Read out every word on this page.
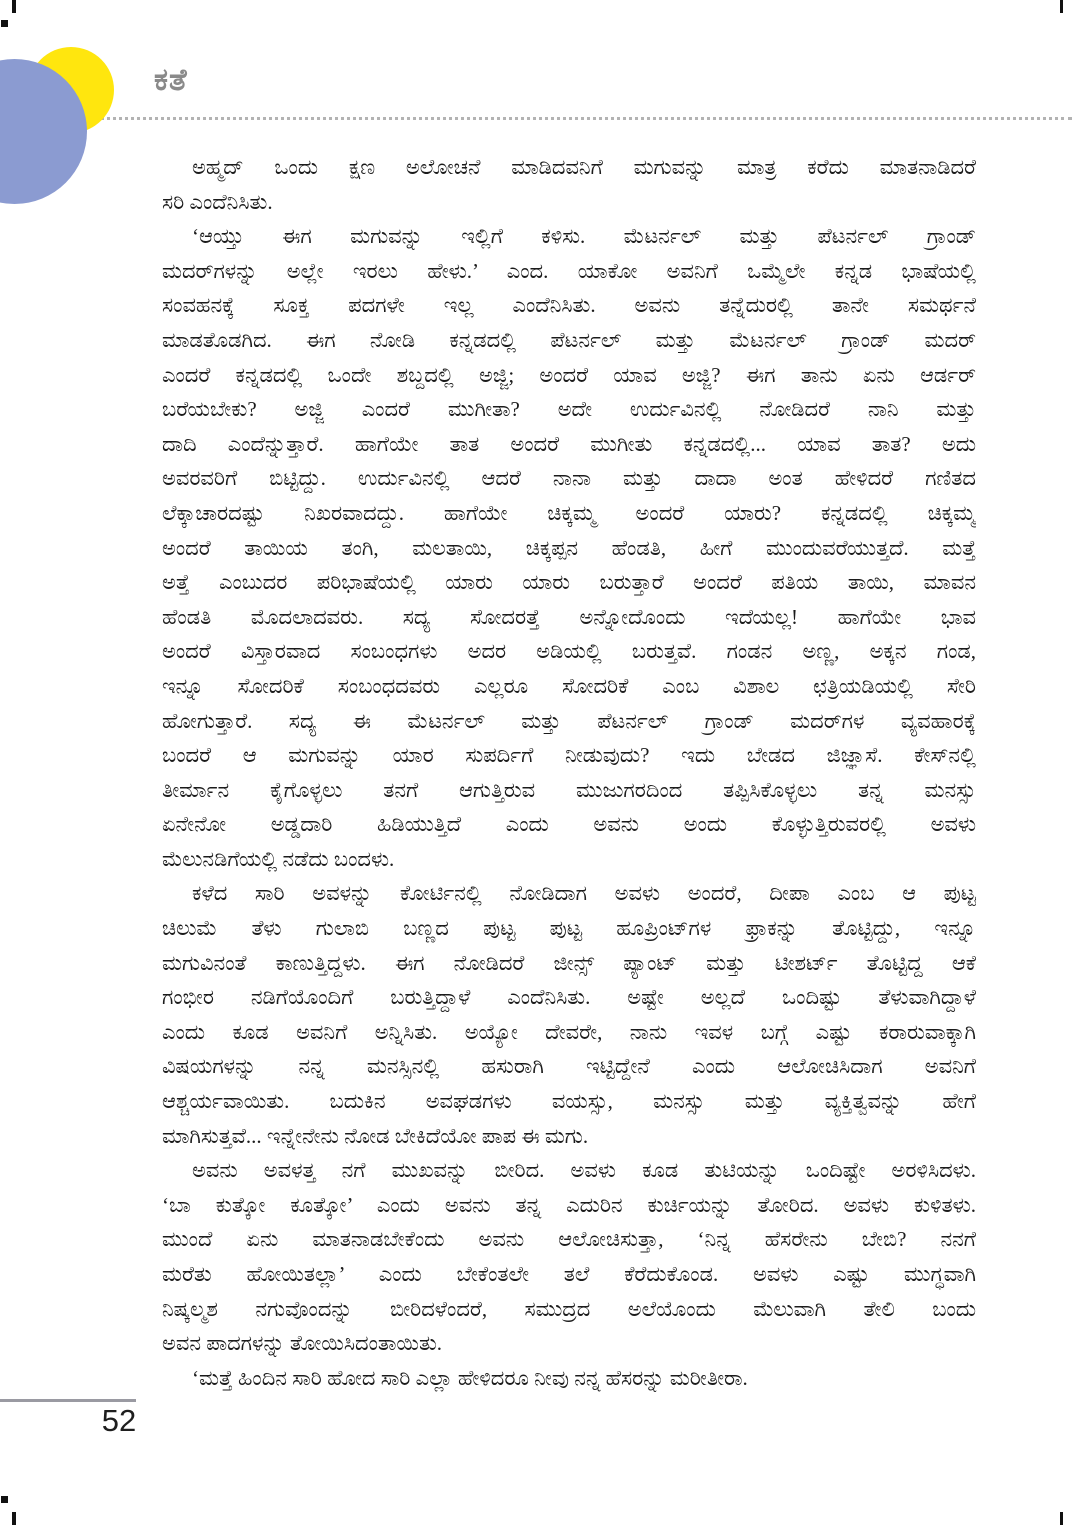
ಕತೆ
ಅಹ್ಮದ್ ಒಂದು ಕ್ಷಣ ಅಲೋಚನೆ ಮಾಡಿದವನಿಗೆ ಮಗುವನ್ನು ಮಾತ್ರ ಕರೆದು ಮಾತನಾಡಿದರೆ
ಸರಿ ಎಂದೆನಿಸಿತು.
‘ಆಯ್ತು ಈಗ ಮಗುವನ್ನು ಇಲ್ಲಿಗೆ ಕಳಿಸು. ಮೆಟರ್ನಲ್ ಮತ್ತು ಪೆಟರ್ನಲ್ ಗ್ರಾಂಡ್
ಮದರ್‌ಗಳನ್ನು ಅಲ್ಲೇ ಇರಲು ಹೇಳು.’ ಎಂದ. ಯಾಕೋ ಅವನಿಗೆ ಒಮ್ಮೆಲೇ ಕನ್ನಡ ಭಾಷೆಯಲ್ಲಿ
ಸಂವಹನಕ್ಕೆ ಸೂಕ್ತ ಪದಗಳೇ ಇಲ್ಲ ಎಂದೆನಿಸಿತು. ಅವನು ತನ್ನೆದುರಲ್ಲಿ ತಾನೇ ಸಮರ್ಥನೆ
ಮಾಡತೊಡಗಿದ. ಈಗ ನೋಡಿ ಕನ್ನಡದಲ್ಲಿ ಪೆಟರ್ನಲ್ ಮತ್ತು ಮೆಟರ್ನಲ್ ಗ್ರಾಂಡ್ ಮದರ್
ಎಂದರೆ ಕನ್ನಡದಲ್ಲಿ ಒಂದೇ ಶಬ್ದದಲ್ಲಿ ಅಜ್ಜಿ; ಅಂದರೆ ಯಾವ ಅಜ್ಜಿ? ಈಗ ತಾನು ಏನು ಆರ್ಡರ್
ಬರೆಯಬೇಕು? ಅಜ್ಜಿ ಎಂದರೆ ಮುಗೀತಾ? ಅದೇ ಉರ್ದುವಿನಲ್ಲಿ ನೋಡಿದರೆ ನಾನಿ ಮತ್ತು
ದಾದಿ ಎಂದೆನ್ನುತ್ತಾರೆ. ಹಾಗೆಯೇ ತಾತ ಅಂದರೆ ಮುಗೀತು ಕನ್ನಡದಲ್ಲಿ... ಯಾವ ತಾತ? ಅದು
ಅವರವರಿಗೆ ಬಿಟ್ಟಿದ್ದು. ಉರ್ದುವಿನಲ್ಲಿ ಆದರೆ ನಾನಾ ಮತ್ತು ದಾದಾ ಅಂತ ಹೇಳಿದರೆ ಗಣಿತದ
ಲೆಕ್ಕಾಚಾರದಷ್ಟು ನಿಖರವಾದದ್ದು. ಹಾಗೆಯೇ ಚಿಕ್ಕಮ್ಮ ಅಂದರೆ ಯಾರು? ಕನ್ನಡದಲ್ಲಿ ಚಿಕ್ಕಮ್ಮ
ಅಂದರೆ ತಾಯಿಯ ತಂಗಿ, ಮಲತಾಯಿ, ಚಿಕ್ಕಪ್ಪನ ಹೆಂಡತಿ, ಹೀಗೆ ಮುಂದುವರೆಯುತ್ತದೆ. ಮತ್ತೆ
ಅತ್ತೆ ಎಂಬುದರ ಪರಿಭಾಷೆಯಲ್ಲಿ ಯಾರು ಯಾರು ಬರುತ್ತಾರೆ ಅಂದರೆ ಪತಿಯ ತಾಯಿ, ಮಾವನ
ಹೆಂಡತಿ ಮೊದಲಾದವರು. ಸದ್ಯ ಸೋದರತ್ತೆ ಅನ್ನೋದೊಂದು ಇದೆಯಲ್ಲ! ಹಾಗೆಯೇ ಭಾವ
ಅಂದರೆ ವಿಸ್ತಾರವಾದ ಸಂಬಂಧಗಳು ಅದರ ಅಡಿಯಲ್ಲಿ ಬರುತ್ತವೆ. ಗಂಡನ ಅಣ್ಣ, ಅಕ್ಕನ ಗಂಡ,
ಇನ್ನೂ ಸೋದರಿಕೆ ಸಂಬಂಧದವರು ಎಲ್ಲರೂ ಸೋದರಿಕೆ ಎಂಬ ವಿಶಾಲ ಛತ್ರಿಯಡಿಯಲ್ಲಿ ಸೇರಿ
ಹೋಗುತ್ತಾರೆ. ಸದ್ಯ ಈ ಮೆಟರ್ನಲ್ ಮತ್ತು ಪೆಟರ್ನಲ್ ಗ್ರಾಂಡ್ ಮದರ್‌ಗಳ ವ್ಯವಹಾರಕ್ಕೆ
ಬಂದರೆ ಆ ಮಗುವನ್ನು ಯಾರ ಸುಪರ್ದಿಗೆ ನೀಡುವುದು? ಇದು ಬೇಡದ ಜಿಜ್ಞಾಸೆ. ಕೇಸ್‌ನಲ್ಲಿ
ತೀರ್ಮಾನ ಕೈಗೊಳ್ಳಲು ತನಗೆ ಆಗುತ್ತಿರುವ ಮುಜುಗರದಿಂದ ತಪ್ಪಿಸಿಕೊಳ್ಳಲು ತನ್ನ ಮನಸ್ಸು
ಏನೇನೋ ಅಡ್ಡದಾರಿ ಹಿಡಿಯುತ್ತಿದೆ ಎಂದು ಅವನು ಅಂದು ಕೊಳ್ಳುತ್ತಿರುವರಲ್ಲಿ ಅವಳು
ಮೆಲುನಡಿಗೆಯಲ್ಲಿ ನಡೆದು ಬಂದಳು.
ಕಳೆದ ಸಾರಿ ಅವಳನ್ನು ಕೋರ್ಟಿನಲ್ಲಿ ನೋಡಿದಾಗ ಅವಳು ಅಂದರೆ, ದೀಪಾ ಎಂಬ ಆ ಪುಟ್ಟ
ಚಿಲುಮೆ ತೆಳು ಗುಲಾಬಿ ಬಣ್ಣದ ಪುಟ್ಟ ಪುಟ್ಟ ಹೂಪ್ರಿಂಟ್‌ಗಳ ಫ್ರಾಕನ್ನು ತೊಟ್ಟಿದ್ದು, ಇನ್ನೂ
ಮಗುವಿನಂತೆ ಕಾಣುತ್ತಿದ್ದಳು. ಈಗ ನೋಡಿದರೆ ಜೀನ್ಸ್ ಪ್ಯಾಂಟ್ ಮತ್ತು ಟೀಶರ್ಟ್ ತೊಟ್ಟಿದ್ದ ಆಕೆ
ಗಂಭೀರ ನಡಿಗೆಯೊಂದಿಗೆ ಬರುತ್ತಿದ್ದಾಳೆ ಎಂದೆನಿಸಿತು. ಅಷ್ಟೇ ಅಲ್ಲದೆ ಒಂದಿಷ್ಟು ತೆಳುವಾಗಿದ್ದಾಳೆ
ಎಂದು ಕೂಡ ಅವನಿಗೆ ಅನ್ನಿಸಿತು. ಅಯ್ಯೋ ದೇವರೇ, ನಾನು ಇವಳ ಬಗ್ಗೆ ಎಷ್ಟು ಕರಾರುವಾಕ್ಕಾಗಿ
ವಿಷಯಗಳನ್ನು ನನ್ನ ಮನಸ್ಸಿನಲ್ಲಿ ಹಸುರಾಗಿ ಇಟ್ಟಿದ್ದೇನೆ ಎಂದು ಆಲೋಚಿಸಿದಾಗ ಅವನಿಗೆ
ಆಶ್ಚರ್ಯವಾಯಿತು. ಬದುಕಿನ ಅವಘಡಗಳು ವಯಸ್ಸು, ಮನಸ್ಸು ಮತ್ತು ವ್ಯಕ್ತಿತ್ವವನ್ನು ಹೇಗೆ
ಮಾಗಿಸುತ್ತವೆ... ಇನ್ನೇನೇನು ನೋಡ ಬೇಕಿದೆಯೋ ಪಾಪ ಈ ಮಗು.
ಅವನು ಅವಳತ್ತ ನಗೆ ಮುಖವನ್ನು ಬೀರಿದ. ಅವಳು ಕೂಡ ತುಟಿಯನ್ನು ಒಂದಿಷ್ಟೇ ಅರಳಿಸಿದಳು.
‘ಬಾ ಕುತ್ಕೋ ಕೂತ್ಕೋ’ ಎಂದು ಅವನು ತನ್ನ ಎದುರಿನ ಕುರ್ಚಿಯನ್ನು ತೋರಿದ. ಅವಳು ಕುಳಿತಳು.
ಮುಂದೆ ಏನು ಮಾತನಾಡಬೇಕೆಂದು ಅವನು ಆಲೋಚಿಸುತ್ತಾ, ‘ನಿನ್ನ ಹೆಸರೇನು ಬೇಬಿ? ನನಗೆ
ಮರೆತು ಹೋಯಿತಲ್ಲಾ’ ಎಂದು ಬೇಕೆಂತಲೇ ತಲೆ ಕೆರೆದುಕೊಂಡ. ಅವಳು ಎಷ್ಟು ಮುಗ್ಧವಾಗಿ
ನಿಷ್ಕಲ್ಮಶ ನಗುವೊಂದನ್ನು ಬೀರಿದಳೆಂದರೆ, ಸಮುದ್ರದ ಅಲೆಯೊಂದು ಮೆಲುವಾಗಿ ತೇಲಿ ಬಂದು
ಅವನ ಪಾದಗಳನ್ನು ತೋಯಿಸಿದಂತಾಯಿತು.
‘ಮತ್ತೆ ಹಿಂದಿನ ಸಾರಿ ಹೋದ ಸಾರಿ ಎಲ್ಲಾ ಹೇಳಿದರೂ ನೀವು ನನ್ನ ಹೆಸರನ್ನು ಮರೀತೀರಾ.
52
